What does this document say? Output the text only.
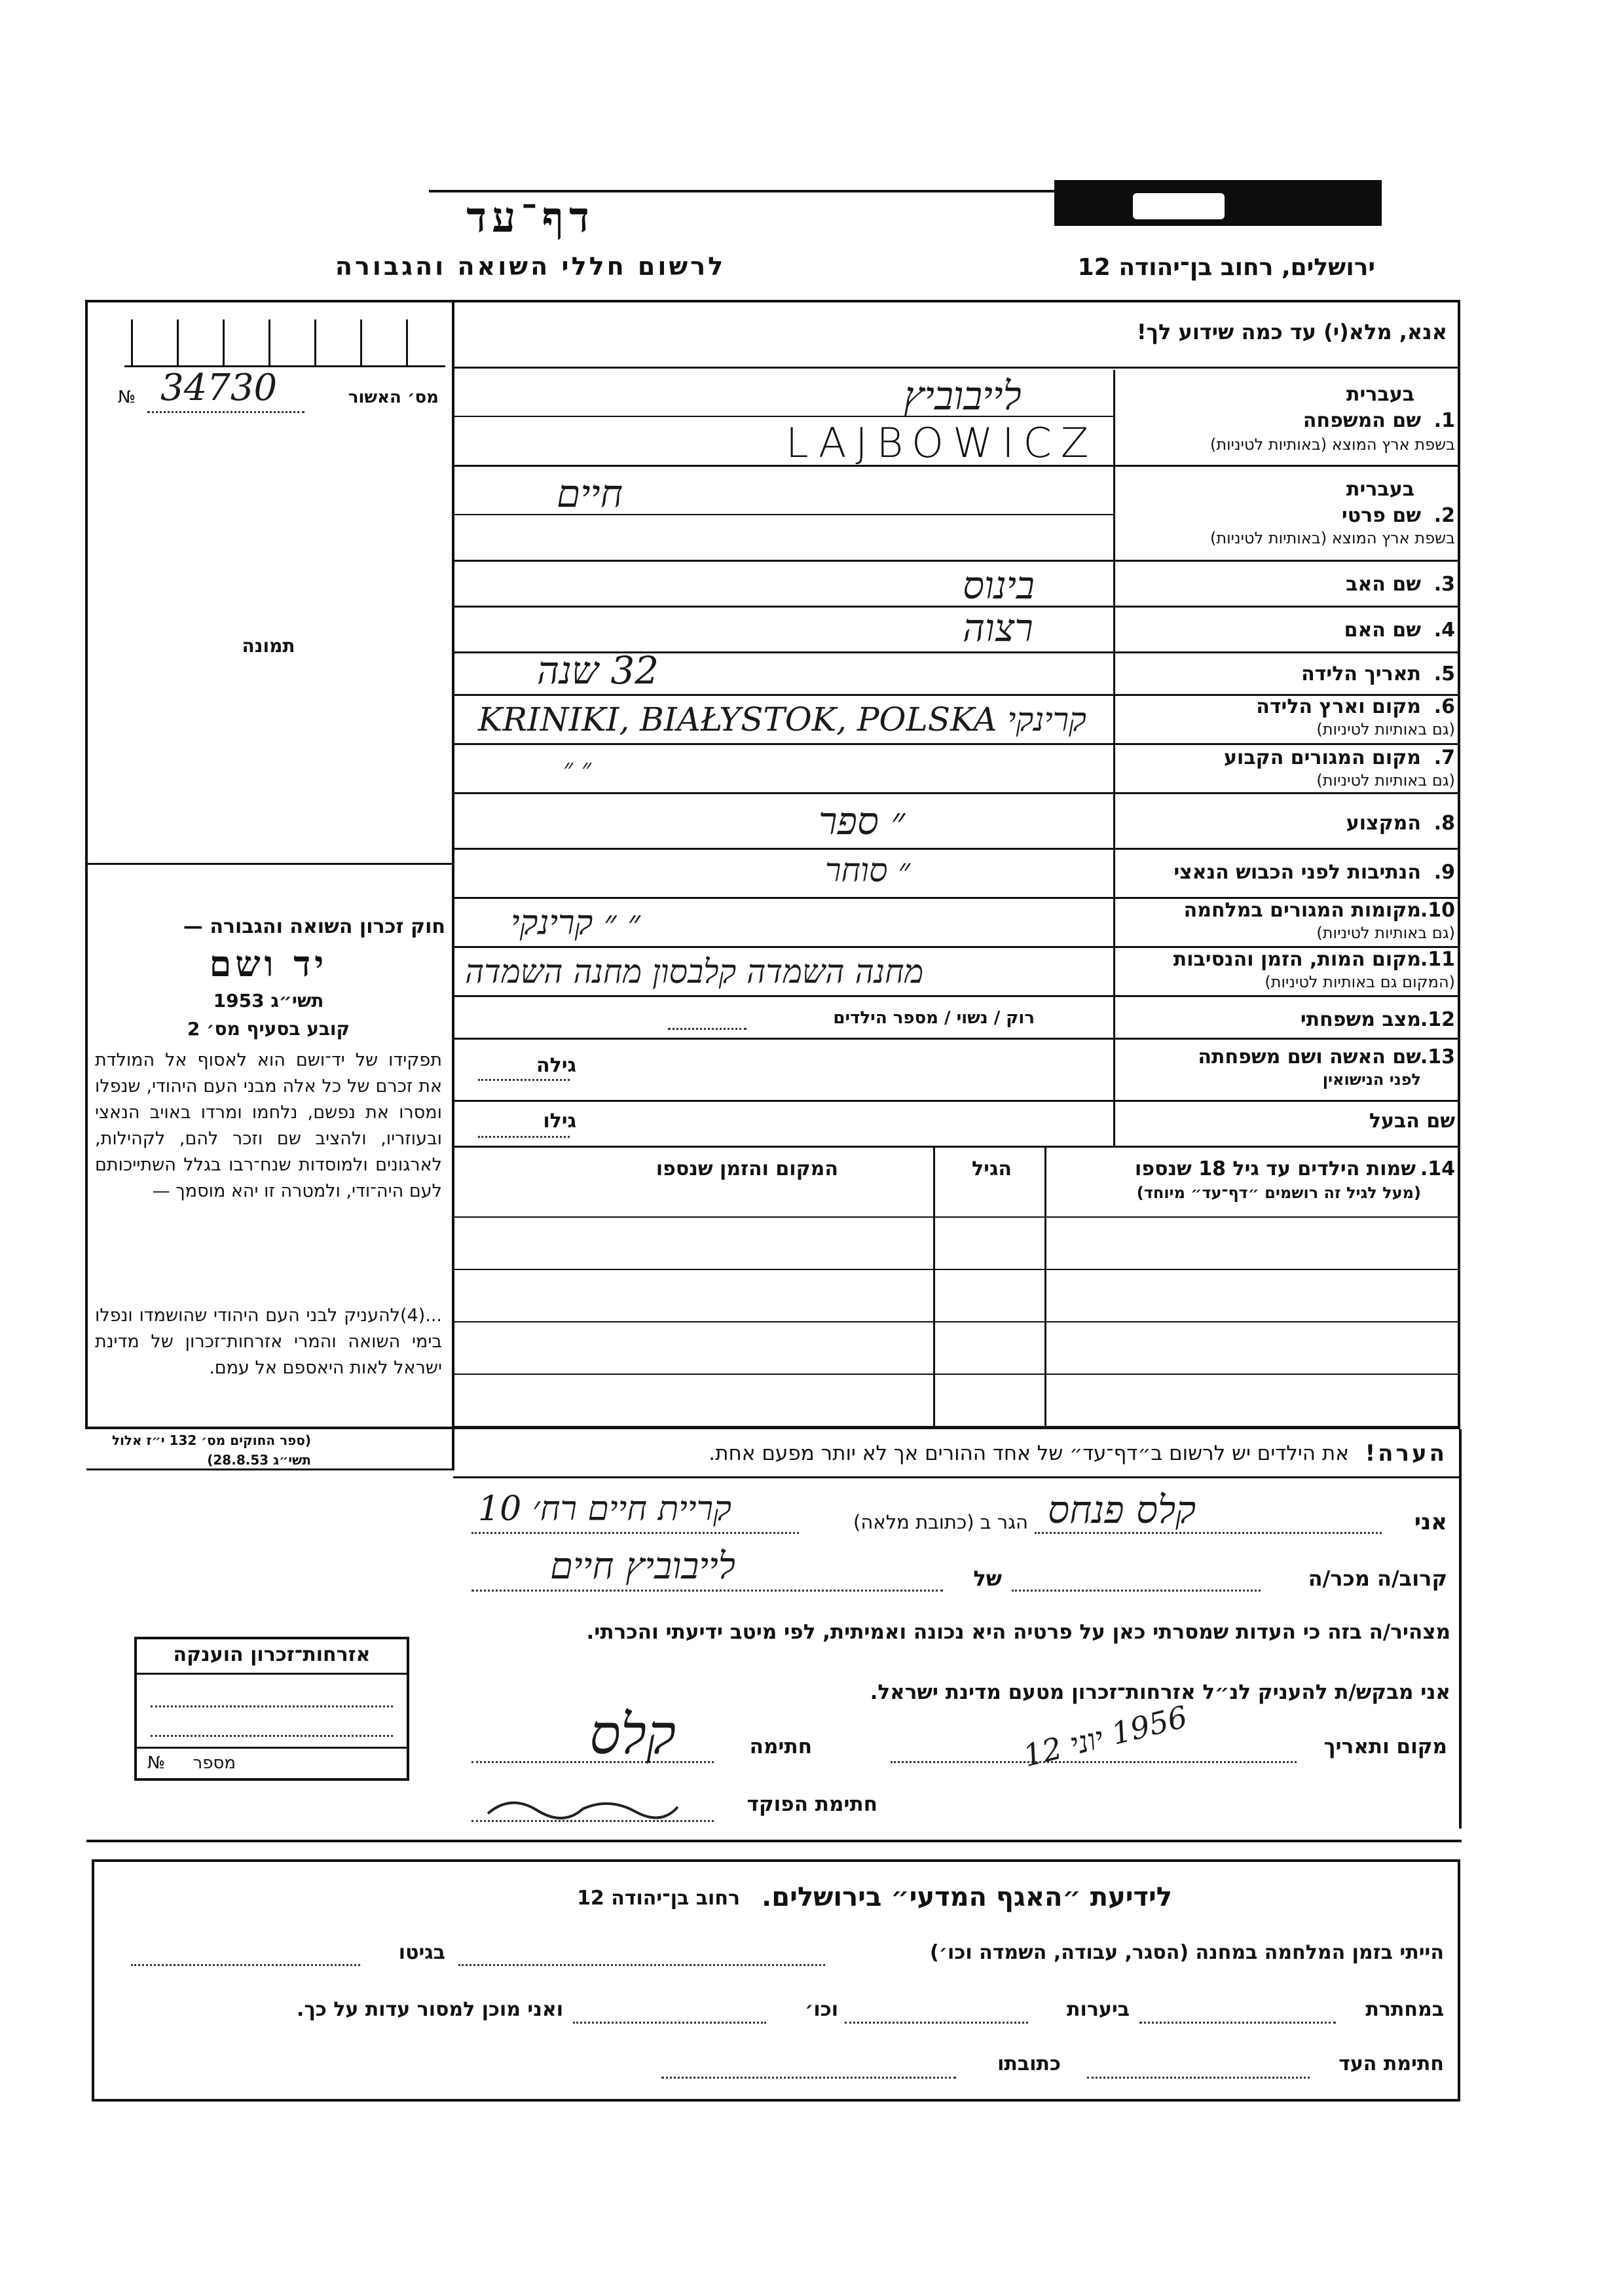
דף־עד
לרשום חללי השואה והגבורה	ירושלים, רחוב בן־יהודה 12
אנא, מלא(י) עד כמה שידוע לך!
מס׳ האשור
№ 34730
תמונה
בעברית
1.
שם המשפחה
בשפת ארץ המוצא (באותיות לטיניות)
לייבוביץ
LAJBOWICZ
בעברית
2.
שם פרטי
בשפת ארץ המוצא (באותיות לטיניות)
חיים
3.
שם האב
בינוס
4.
שם האם
רצוה
5.
תאריך הלידה
32 שנה
6.
מקום וארץ הלידה
(גם באותיות לטיניות)
KRINIKI, BIAŁYSTOK, POLSKA קרינקי
7.
מקום המגורים הקבוע
(גם באותיות לטיניות)
״ ״
8.
המקצוע
״ ספר
9.
הנתיבות לפני הכבוש הנאצי
״ סוחר
10.
מקומות המגורים במלחמה
(גם באותיות לטיניות)
״ ״ קרינקי
11.
מקום המות, הזמן והנסיבות
(המקום גם באותיות לטיניות)
מחנה השמדה קלבסון מחנה השמדה
12.
מצב משפחתי
רוק / נשוי / מספר הילדים
13.
שם האשה ושם משפחתה
לפני הנישואין
גילה
שם הבעל
גילו
14.
שמות הילדים עד גיל 18 שנספו
(מעל לגיל זה רושמים ״דף־עד״ מיוחד)
הגיל
המקום והזמן שנספו
חוק זכרון השואה והגבורה —
יד ושם
תשי״ג 1953
קובע בסעיף מס׳ 2
תפקידו של יד־ושם הוא לאסוף אל המולדת את זכרם של כל אלה מבני העם היהודי, שנפלו ומסרו את נפשם, נלחמו ומרדו באויב הנאצי ובעוזריו, ולהציב שם וזכר להם, לקהילות, לארגונים ולמוסדות שנח־רבו בגלל השתייכותם לעם היה־ודי, ולמטרה זו יהא מוסמך —
...(4)להעניק לבני העם היהודי שהושמדו ונפלו בימי השואה והמרי אזרחות־זכרון של מדינת ישראל לאות היאספם אל עמם.
(ספר החוקים מס׳ 132 י״ז אלול תשי״ג 28.8.53)	הערה!
את הילדים יש לרשום ב״דף־עד״ של אחד ההורים אך לא יותר מפעם אחת.
אני
קלס פנחס
הגר ב (כתובת מלאה)
קריית חיים רח׳ 10
קרוב/ה מכר/ה
של
לייבוביץ חיים
מצהיר/ה בזה כי העדות שמסרתי כאן על פרטיה היא נכונה ואמיתית, לפי מיטב ידיעתי והכרתי.
אני מבקש/ת להעניק לנ״ל אזרחות־זכרון מטעם מדינת ישראל.
מקום ותאריך
1956 יוני 12
חתימה
קלס
חתימת הפוקד
אזרחות־זכרון הוענקה
מספר
№
לידיעת ״האגף המדעי״ בירושלים.
רחוב בן־יהודה 12
הייתי בזמן המלחמה במחנה (הסגר, עבודה, השמדה וכו׳)
בגיטו
במחתרת
ביערות
וכו׳
ואני מוכן למסור עדות על כך.
חתימת העד
כתובתו
